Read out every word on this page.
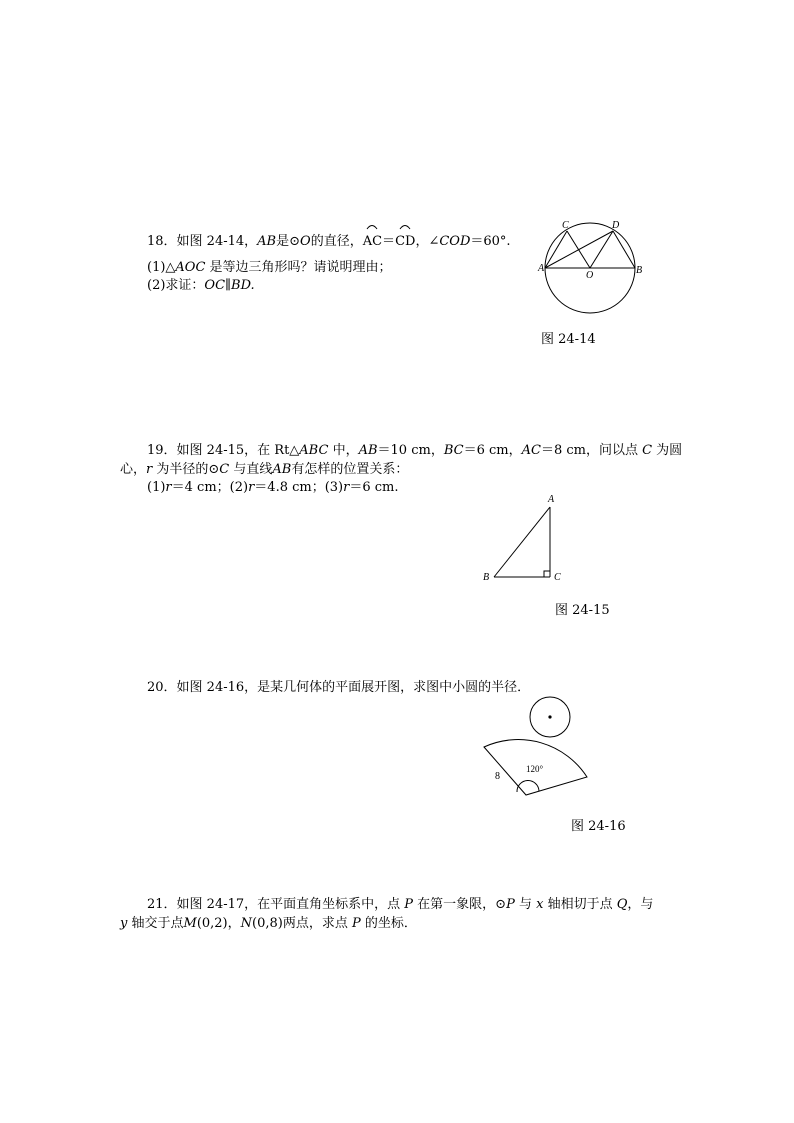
18．如图 24-14，AB是⊙O的直径，
AC＝
CD，∠COD＝60°.
(1)△AOC 是等边三角形吗？请说明理由；
(2)求证：OC∥BD.
C	D
A
O	B
图 24-14
19．如图 24-15，在 Rt△ABC 中，AB＝10 cm，BC＝6 cm，AC＝8 cm，问以点 C 为圆
心，r 为半径的⊙C 与直线AB有怎样的位置关系：
(1)r＝4 cm；(2)r＝4.8 cm；(3)r＝6 cm.
A
B	C
图 24-15
20．如图 24-16，是某几何体的平面展开图，求图中小圆的半径．
120°
8
图 24-16
21．如图 24-17，在平面直角坐标系中，点 P 在第一象限，⊙P 与 x 轴相切于点 Q，与
y 轴交于点M(0,2)，N(0,8)两点，求点 P 的坐标．
